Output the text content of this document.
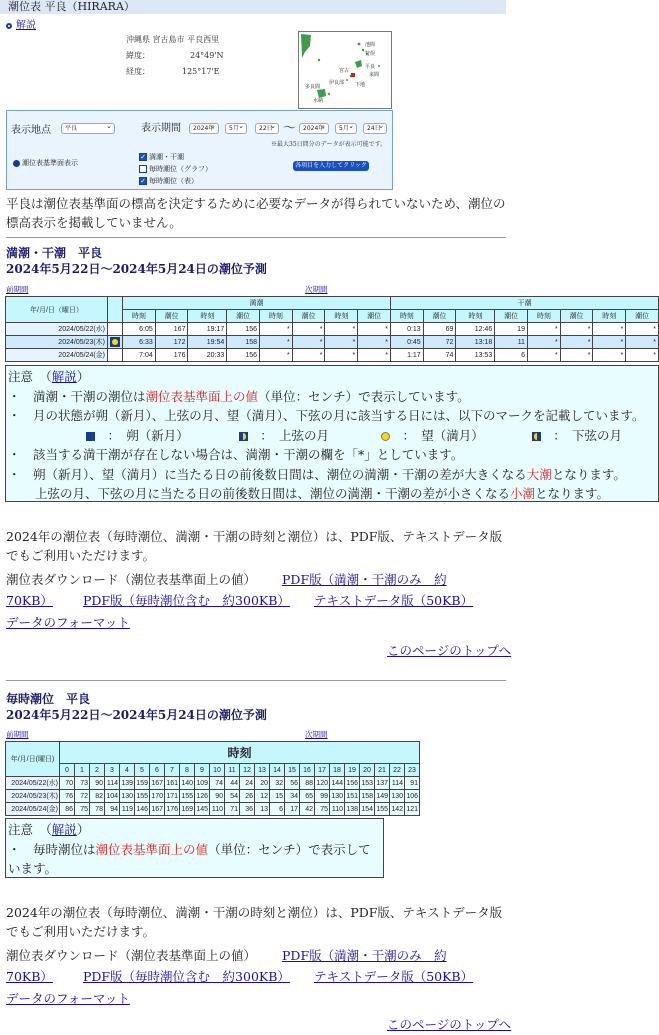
潮位表 平良（HIRARA）
解説
沖縄県 宮古島市 平良西里
緯度：	24°49'N
経度：	125°17'E
池間
狩俣
平良
宮古
来間
伊良部 下地
多良間
水納
表示地点	平良 ⌄	表示期間	2024年 ⌄	5月 ⌄	22日 ⌄ 〜	2024年 ⌄	5月 ⌄	24日 ⌄
※最大35日間分のデータが表示可能です。
潮位表基準面表示
✓ 満潮・干潮
毎時潮位（グラフ）
✓ 毎時潮位（表）
各項目を入力してクリック
平良は潮位表基準面の標高を決定するために必要なデータが得られていないため、潮位の標高表示を掲載していません。
満潮・干潮　平良
2024年5月22日〜2024年5月24日の潮位予測
前期間	次期間
年/月/日（曜日）		満潮								干潮							
		時刻	潮位	時刻	潮位	時刻	潮位	時刻	潮位	時刻	潮位	時刻	潮位	時刻	潮位	時刻	潮位
2024/05/22(水)		6:05	167	19:17	156	*	*	*	*	0:13	69	12:46	19	*	*	*	*
2024/05/23(木)		6:33	172	19:54	158	*	*	*	*	0:45	72	13:18	11	*	*	*	*
2024/05/24(金)		7:04	176	20:33	156	*	*	*	*	1:17	74	13:53	6	*	*	*	*
注意　 （解説）
・　 満潮・干潮の潮位は潮位表基準面上の値（単位：センチ）で表示しています。
・　 月の状態が朔（新月）、上弦の月、望（満月）、下弦の月に該当する日には、以下のマークを記載しています。
　：　朔（新月）  　	：　上弦の月  　	：　望（満月）  　	：　下弦の月
・　 該当する満干潮が存在しない場合は、満潮・干潮の欄を「*」としています。
・　 朔（新月）、望（満月）に当たる日の前後数日間は、潮位の満潮・干潮の差が大きくなる大潮となります。
上弦の月、下弦の月に当たる日の前後数日間は、潮位の満潮・干潮の差が小さくなる小潮となります。
2024年の潮位表（毎時潮位、満潮・干潮の時刻と潮位）は、PDF版、テキストデータ版でもご利用いただけます。
潮位表ダウンロード（潮位表基準面上の値） PDF版（満潮・干潮のみ　約
70KB） PDF版（毎時潮位含む　約300KB） テキストデータ版（50KB）
データのフォーマット
このページのトップへ
毎時潮位　平良
2024年5月22日〜2024年5月24日の潮位予測
前期間	次期間
年/月/日(曜日)	時刻																							
	0	1	2	3	4	5	6	7	8	9	10	11	12	13	14	15	16	17	18	19	20	21	22	23
2024/05/22(水)	70	73	90	114	139	159	167	161	140	109	74	44	24	20	32	56	88	120	144	156	153	137	114	91
2024/05/23(木)	76	72	82	104	130	155	170	171	155	126	90	54	26	12	15	34	65	99	130	151	158	149	130	106
2024/05/24(金)	86	75	78	94	119	146	167	176	169	145	110	71	36	13	6	17	42	75	110	138	154	155	142	121
注意　 （解説）
・　 毎時潮位は潮位表基準面上の値（単位：センチ）で表示しています。
2024年の潮位表（毎時潮位、満潮・干潮の時刻と潮位）は、PDF版、テキストデータ版でもご利用いただけます。
潮位表ダウンロード（潮位表基準面上の値） PDF版（満潮・干潮のみ　約
70KB） PDF版（毎時潮位含む　約300KB） テキストデータ版（50KB）
データのフォーマット
このページのトップへ
